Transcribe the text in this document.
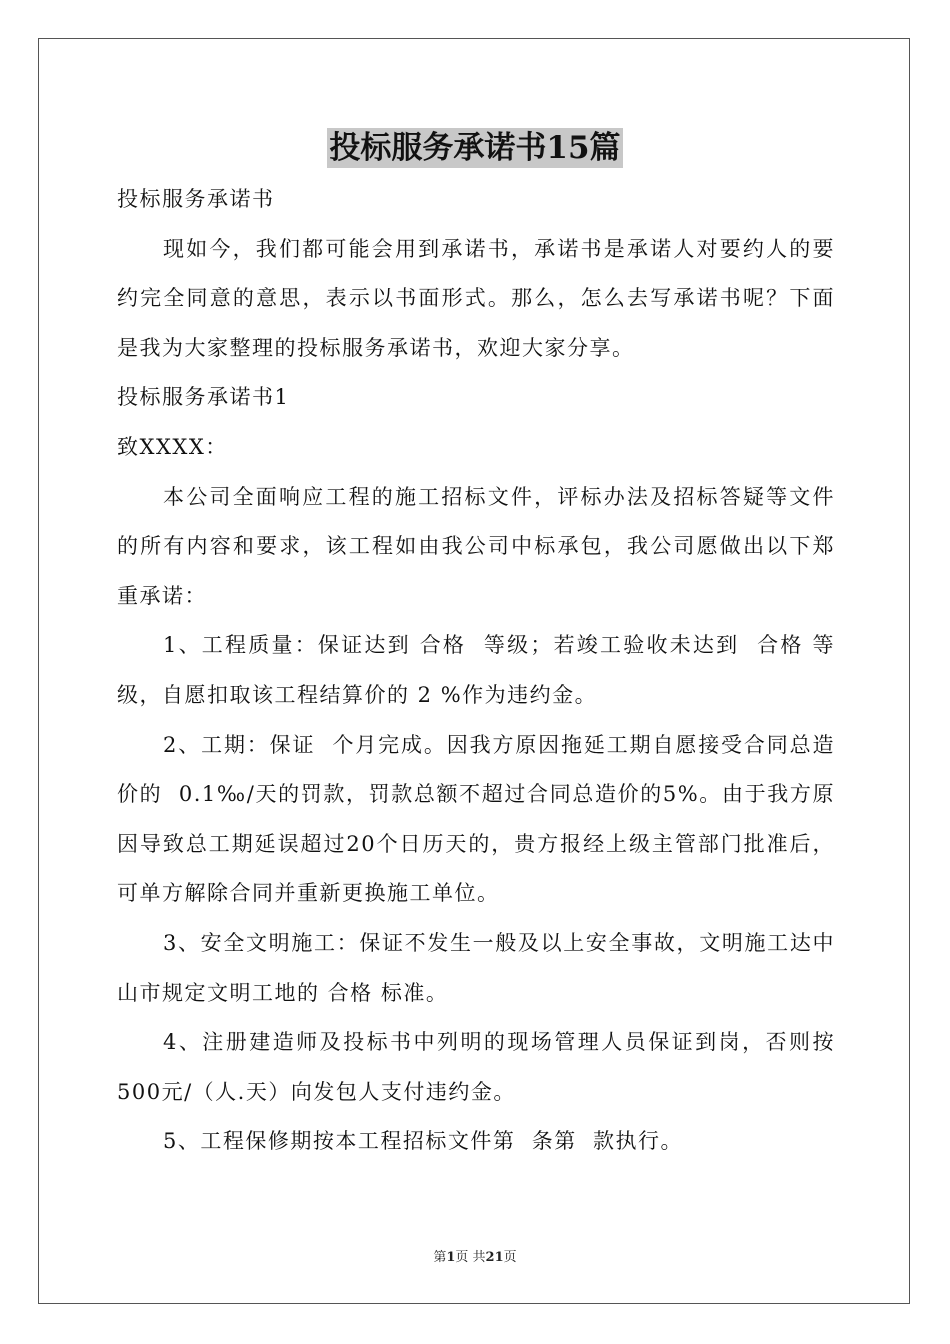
投标服务承诺书15篇

投标服务承诺书

现如今，我们都可能会用到承诺书，承诺书是承诺人对要约人的要约完全同意的意思，表示以书面形式。那么，怎么去写承诺书呢？下面是我为大家整理的投标服务承诺书，欢迎大家分享。

投标服务承诺书1

致XXXX：

本公司全面响应工程的施工招标文件，评标办法及招标答疑等文件的所有内容和要求，该工程如由我公司中标承包，我公司愿做出以下郑重承诺：

1、工程质量：保证达到 合格  等级；若竣工验收未达到  合格 等级，自愿扣取该工程结算价的 2 %作为违约金。

2、工期：保证  个月完成。因我方原因拖延工期自愿接受合同总造价的  0.1‰/天的罚款，罚款总额不超过合同总造价的5%。由于我方原因导致总工期延误超过20个日历天的，贵方报经上级主管部门批准后，可单方解除合同并重新更换施工单位。

3、安全文明施工：保证不发生一般及以上安全事故，文明施工达中山市规定文明工地的 合格 标准。

4、注册建造师及投标书中列明的现场管理人员保证到岗，否则按500元/（人.天）向发包人支付违约金。

5、工程保修期按本工程招标文件第  条第  款执行。

第1页 共21页
